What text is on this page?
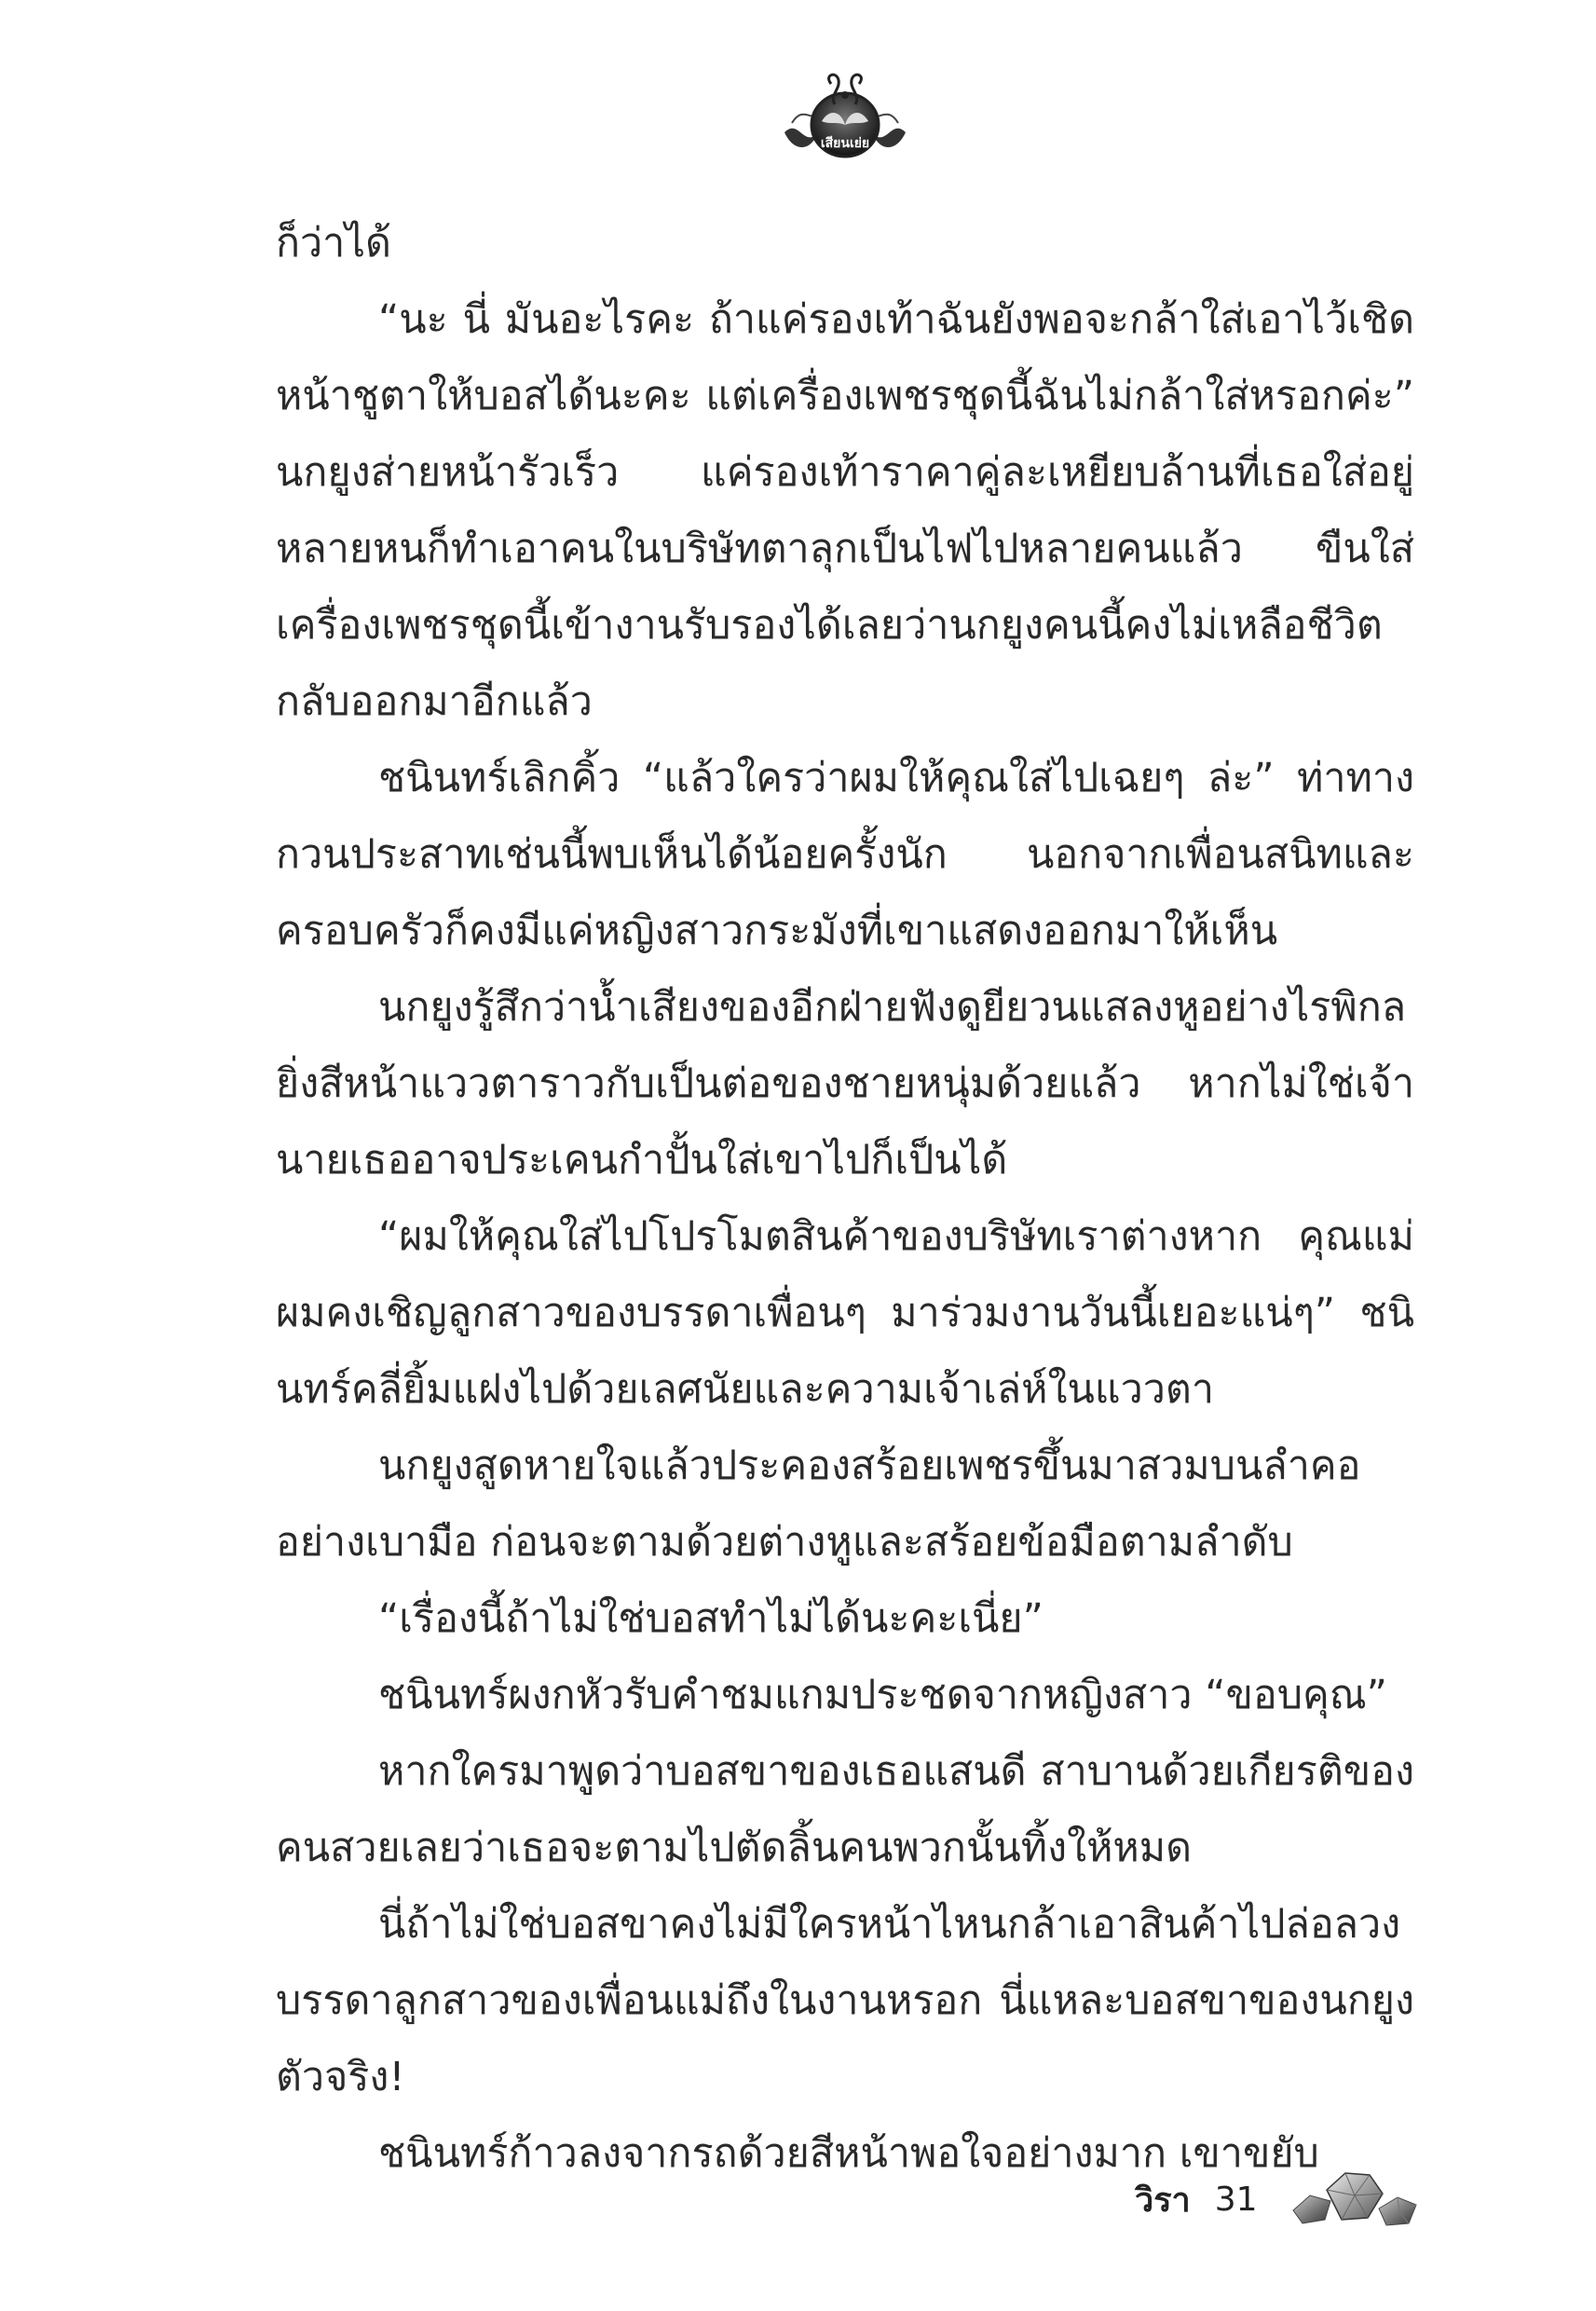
เสียนเย่ย

ก็ว่าได้

“นะ นี่ มันอะไรคะ ถ้าแค่รองเท้าฉันยังพอจะกล้าใส่เอาไว้เชิดหน้าชูตาให้บอสได้นะคะ แต่เครื่องเพชรชุดนี้ฉันไม่กล้าใส่หรอกค่ะ” นกยูงส่ายหน้ารัวเร็ว แค่รองเท้าราคาคู่ละเหยียบล้านที่เธอใส่อยู่หลายหนก็ทำเอาคนในบริษัทตาลุกเป็นไฟไปหลายคนแล้ว ขืนใส่เครื่องเพชรชุดนี้เข้างานรับรองได้เลยว่านกยูงคนนี้คงไม่เหลือชีวิตกลับออกมาอีกแล้ว

ชนินทร์เลิกคิ้ว “แล้วใครว่าผมให้คุณใส่ไปเฉยๆ ล่ะ” ท่าทางกวนประสาทเช่นนี้พบเห็นได้น้อยครั้งนัก นอกจากเพื่อนสนิทและครอบครัวก็คงมีแค่หญิงสาวกระมังที่เขาแสดงออกมาให้เห็น

นกยูงรู้สึกว่าน้ำเสียงของอีกฝ่ายฟังดูยียวนแสลงหูอย่างไรพิกล ยิ่งสีหน้าแววตาราวกับเป็นต่อของชายหนุ่มด้วยแล้ว หากไม่ใช่เจ้านายเธออาจประเคนกำปั้นใส่เขาไปก็เป็นได้

“ผมให้คุณใส่ไปโปรโมตสินค้าของบริษัทเราต่างหาก คุณแม่ผมคงเชิญลูกสาวของบรรดาเพื่อนๆ มาร่วมงานวันนี้เยอะแน่ๆ” ชนินทร์คลี่ยิ้มแฝงไปด้วยเลศนัยและความเจ้าเล่ห์ในแววตา

นกยูงสูดหายใจแล้วประคองสร้อยเพชรขึ้นมาสวมบนลำคออย่างเบามือ ก่อนจะตามด้วยต่างหูและสร้อยข้อมือตามลำดับ

“เรื่องนี้ถ้าไม่ใช่บอสทำไม่ได้นะคะเนี่ย”

ชนินทร์ผงกหัวรับคำชมแกมประชดจากหญิงสาว “ขอบคุณ”

หากใครมาพูดว่าบอสขาของเธอแสนดี สาบานด้วยเกียรติของคนสวยเลยว่าเธอจะตามไปตัดลิ้นคนพวกนั้นทิ้งให้หมด

นี่ถ้าไม่ใช่บอสขาคงไม่มีใครหน้าไหนกล้าเอาสินค้าไปล่อลวงบรรดาลูกสาวของเพื่อนแม่ถึงในงานหรอก นี่แหละบอสขาของนกยูงตัวจริง!

ชนินทร์ก้าวลงจากรถด้วยสีหน้าพอใจอย่างมาก เขาขยับ

วิรา 31
